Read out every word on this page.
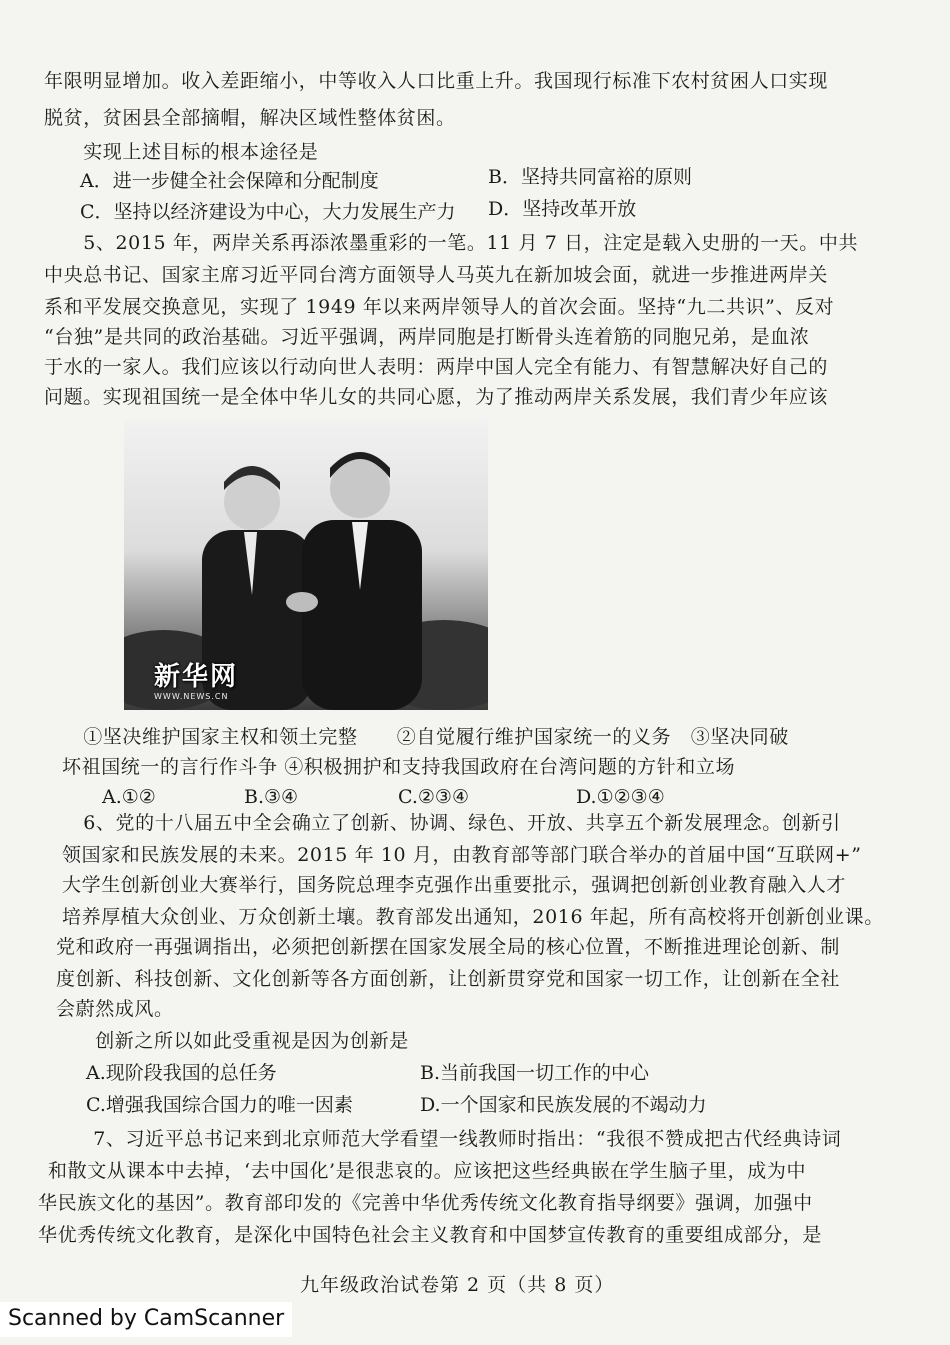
年限明显增加。收入差距缩小，中等收入人口比重上升。我国现行标准下农村贫困人口实现
脱贫，贫困县全部摘帽，解决区域性整体贫困。
　　实现上述目标的根本途径是
A．进一步健全社会保障和分配制度	B．坚持共同富裕的原则
C．坚持以经济建设为中心，大力发展生产力 D．坚持改革开放
　　5、2015 年，两岸关系再添浓墨重彩的一笔。11 月 7 日，注定是载入史册的一天。中共
中央总书记、国家主席习近平同台湾方面领导人马英九在新加坡会面，就进一步推进两岸关
系和平发展交换意见，实现了 1949 年以来两岸领导人的首次会面。坚持“九二共识”、反对
“台独”是共同的政治基础。习近平强调，两岸同胞是打断骨头连着筋的同胞兄弟，是血浓
于水的一家人。我们应该以行动向世人表明：两岸中国人完全有能力、有智慧解决好自己的
问题。实现祖国统一是全体中华儿女的共同心愿，为了推动两岸关系发展，我们青少年应该
新华网
WWW.NEWS.CN
　　①坚决维护国家主权和领土完整　　②自觉履行维护国家统一的义务　③坚决同破
坏祖国统一的言行作斗争 ④积极拥护和支持我国政府在台湾问题的方针和立场
A.①②	B.③④	C.②③④	D.①②③④
　　6、党的十八届五中全会确立了创新、协调、绿色、开放、共享五个新发展理念。创新引
领国家和民族发展的未来。2015 年 10 月，由教育部等部门联合举办的首届中国“互联网+”
大学生创新创业大赛举行，国务院总理李克强作出重要批示，强调把创新创业教育融入人才
培养厚植大众创业、万众创新土壤。教育部发出通知，2016 年起，所有高校将开创新创业课。
党和政府一再强调指出，必须把创新摆在国家发展全局的核心位置，不断推进理论创新、制
度创新、科技创新、文化创新等各方面创新，让创新贯穿党和国家一切工作，让创新在全社
会蔚然成风。
　　创新之所以如此受重视是因为创新是
A.现阶段我国的总任务	B.当前我国一切工作的中心
C.增强我国综合国力的唯一因素	D.一个国家和民族发展的不竭动力
　　7、习近平总书记来到北京师范大学看望一线教师时指出：“我很不赞成把古代经典诗词
和散文从课本中去掉，‘去中国化’是很悲哀的。应该把这些经典嵌在学生脑子里，成为中
华民族文化的基因”。教育部印发的《完善中华优秀传统文化教育指导纲要》强调，加强中
华优秀传统文化教育，是深化中国特色社会主义教育和中国梦宣传教育的重要组成部分，是
九年级政治试卷第 2 页（共 8 页）
Scanned by CamScanner
